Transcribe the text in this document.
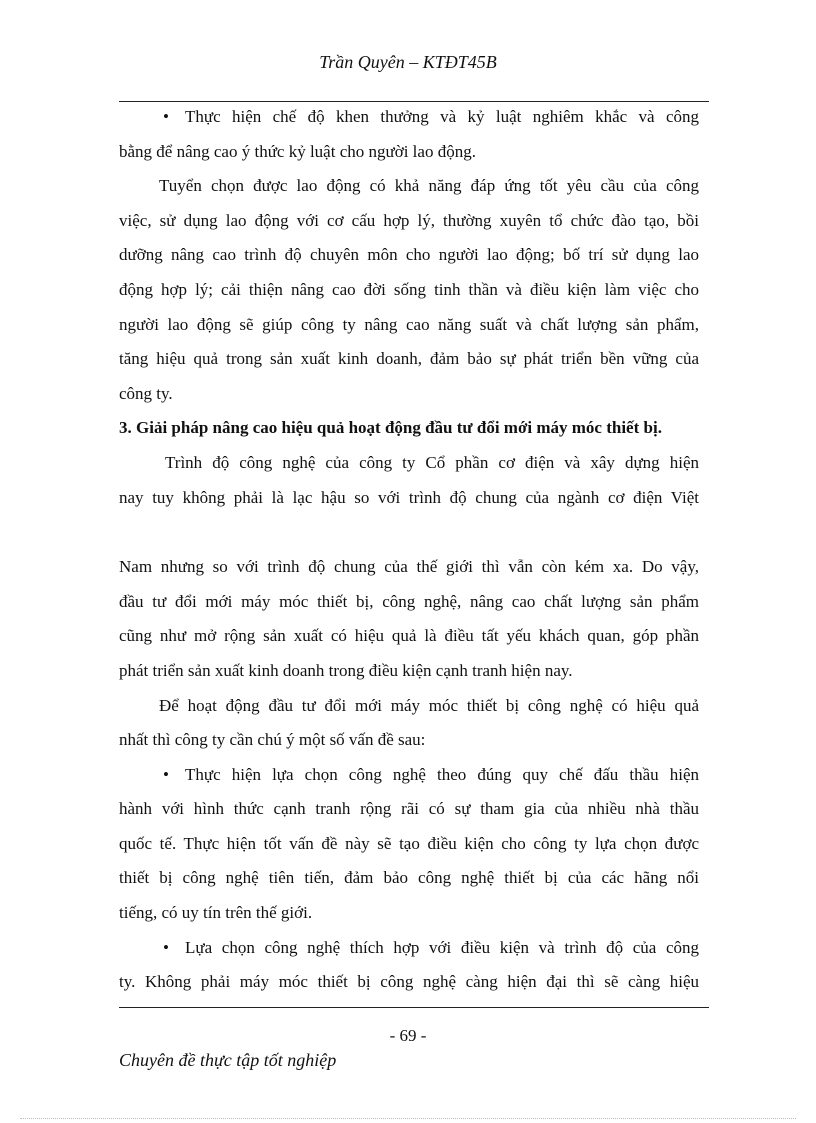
Trần Quyên – KTĐT45B
• Thực hiện chế độ khen thưởng và kỷ luật nghiêm khắc và công
bằng để nâng cao ý thức kỷ luật cho người lao động.
Tuyển chọn được lao động có khả năng đáp ứng tốt yêu cầu của công
việc, sử dụng lao động với cơ cấu hợp lý, thường xuyên tổ chức đào tạo, bồi
dưỡng nâng cao trình độ chuyên môn cho người lao động; bố trí sử dụng lao
động hợp lý; cải thiện nâng cao đời sống tinh thần và điều kiện làm việc cho
người lao động sẽ giúp công ty nâng cao năng suất và chất lượng sản phẩm,
tăng hiệu quả trong sản xuất kinh doanh, đảm bảo sự phát triển bền vững của
công ty.
3. Giải pháp nâng cao hiệu quả hoạt động đầu tư đổi mới máy móc thiết bị.
Trình độ công nghệ của công ty Cổ phần cơ điện và xây dựng hiện
nay tuy không phải là lạc hậu so với trình độ chung của ngành cơ điện Việt
Nam nhưng so với trình độ chung của thế giới thì vẫn còn kém xa. Do vậy,
đầu tư đổi mới máy móc thiết bị, công nghệ, nâng cao chất lượng sản phẩm
cũng như mở rộng sản xuất có hiệu quả là điều tất yếu khách quan, góp phần
phát triển sản xuất kinh doanh trong điều kiện cạnh tranh hiện nay.
Để hoạt động đầu tư đổi mới máy móc thiết bị công nghệ có hiệu quả
nhất thì công ty cần chú ý một số vấn đề sau:
• Thực hiện lựa chọn công nghệ theo đúng quy chế đấu thầu hiện
hành với hình thức cạnh tranh rộng rãi có sự tham gia của nhiều nhà thầu
quốc tế. Thực hiện tốt vấn đề này sẽ tạo điều kiện cho công ty lựa chọn được
thiết bị công nghệ tiên tiến, đảm bảo công nghệ thiết bị của các hãng nổi
tiếng, có uy tín trên thế giới.
• Lựa chọn công nghệ thích hợp với điều kiện và trình độ của công
ty. Không phải máy móc thiết bị công nghệ càng hiện đại thì sẽ càng hiệu
- 69 -
Chuyên đề thực tập tốt nghiệp
